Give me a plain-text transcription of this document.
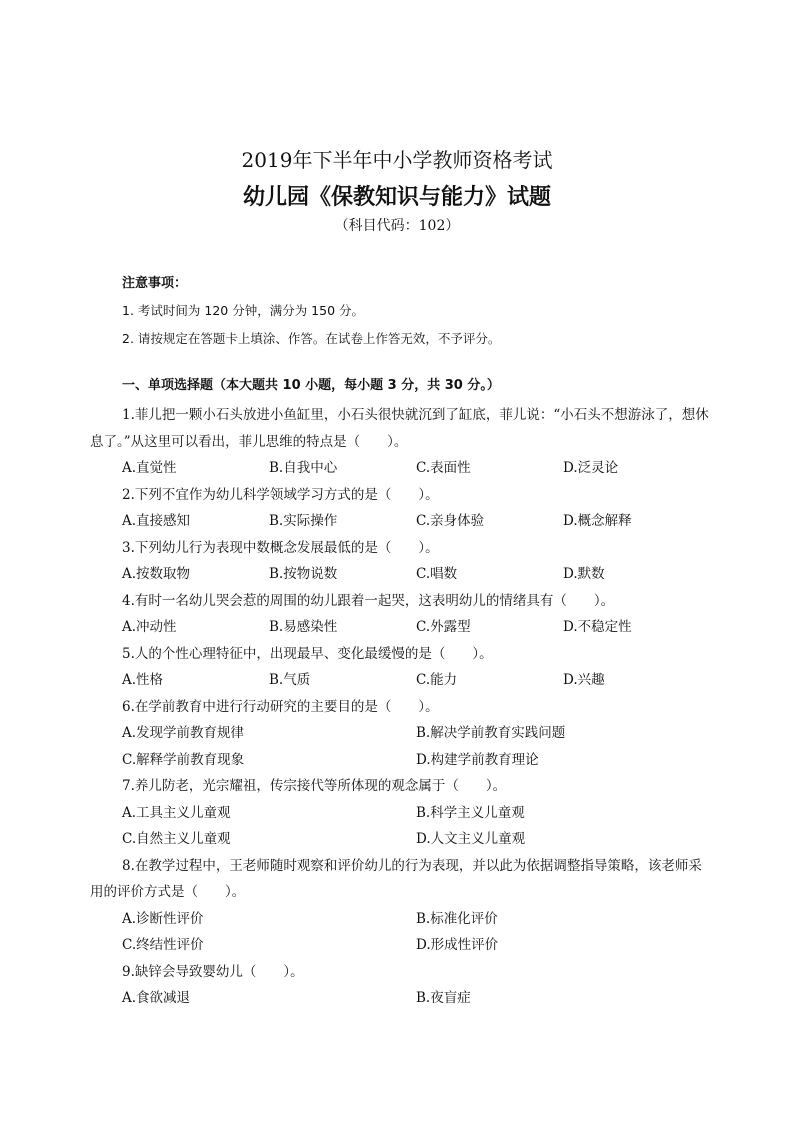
2019年下半年中小学教师资格考试

幼儿园《保教知识与能力》试题

（科目代码：102）

注意事项：

1. 考试时间为 120 分钟，满分为 150 分。

2. 请按规定在答题卡上填涂、作答。在试卷上作答无效，不予评分。

一、单项选择题（本大题共 10 小题，每小题 3 分，共 30 分。）

1.菲儿把一颗小石头放进小鱼缸里，小石头很快就沉到了缸底，菲儿说：“小石头不想游泳了，想休息了。”从这里可以看出，菲儿思维的特点是（　　）。

A.直觉性	B.自我中心	C.表面性	D.泛灵论

2.下列不宜作为幼儿科学领域学习方式的是（　　）。

A.直接感知	B.实际操作	C.亲身体验	D.概念解释

3.下列幼儿行为表现中数概念发展最低的是（　　）。

A.按数取物	B.按物说数	C.唱数	D.默数

4.有时一名幼儿哭会惹的周围的幼儿跟着一起哭，这表明幼儿的情绪具有（　　）。

A.冲动性	B.易感染性	C.外露型	D.不稳定性

5.人的个性心理特征中，出现最早、变化最缓慢的是（　　）。

A.性格	B.气质	C.能力	D.兴趣

6.在学前教育中进行行动研究的主要目的是（　　）。

A.发现学前教育规律	B.解决学前教育实践问题
C.解释学前教育现象	D.构建学前教育理论

7.养儿防老，光宗耀祖，传宗接代等所体现的观念属于（　　）。

A.工具主义儿童观	B.科学主义儿童观
C.自然主义儿童观	D.人文主义儿童观

8.在教学过程中，王老师随时观察和评价幼儿的行为表现，并以此为依据调整指导策略，该老师采用的评价方式是（　　）。

A.诊断性评价	B.标准化评价
C.终结性评价	D.形成性评价

9.缺锌会导致婴幼儿（　　）。

A.食欲减退	B.夜盲症
